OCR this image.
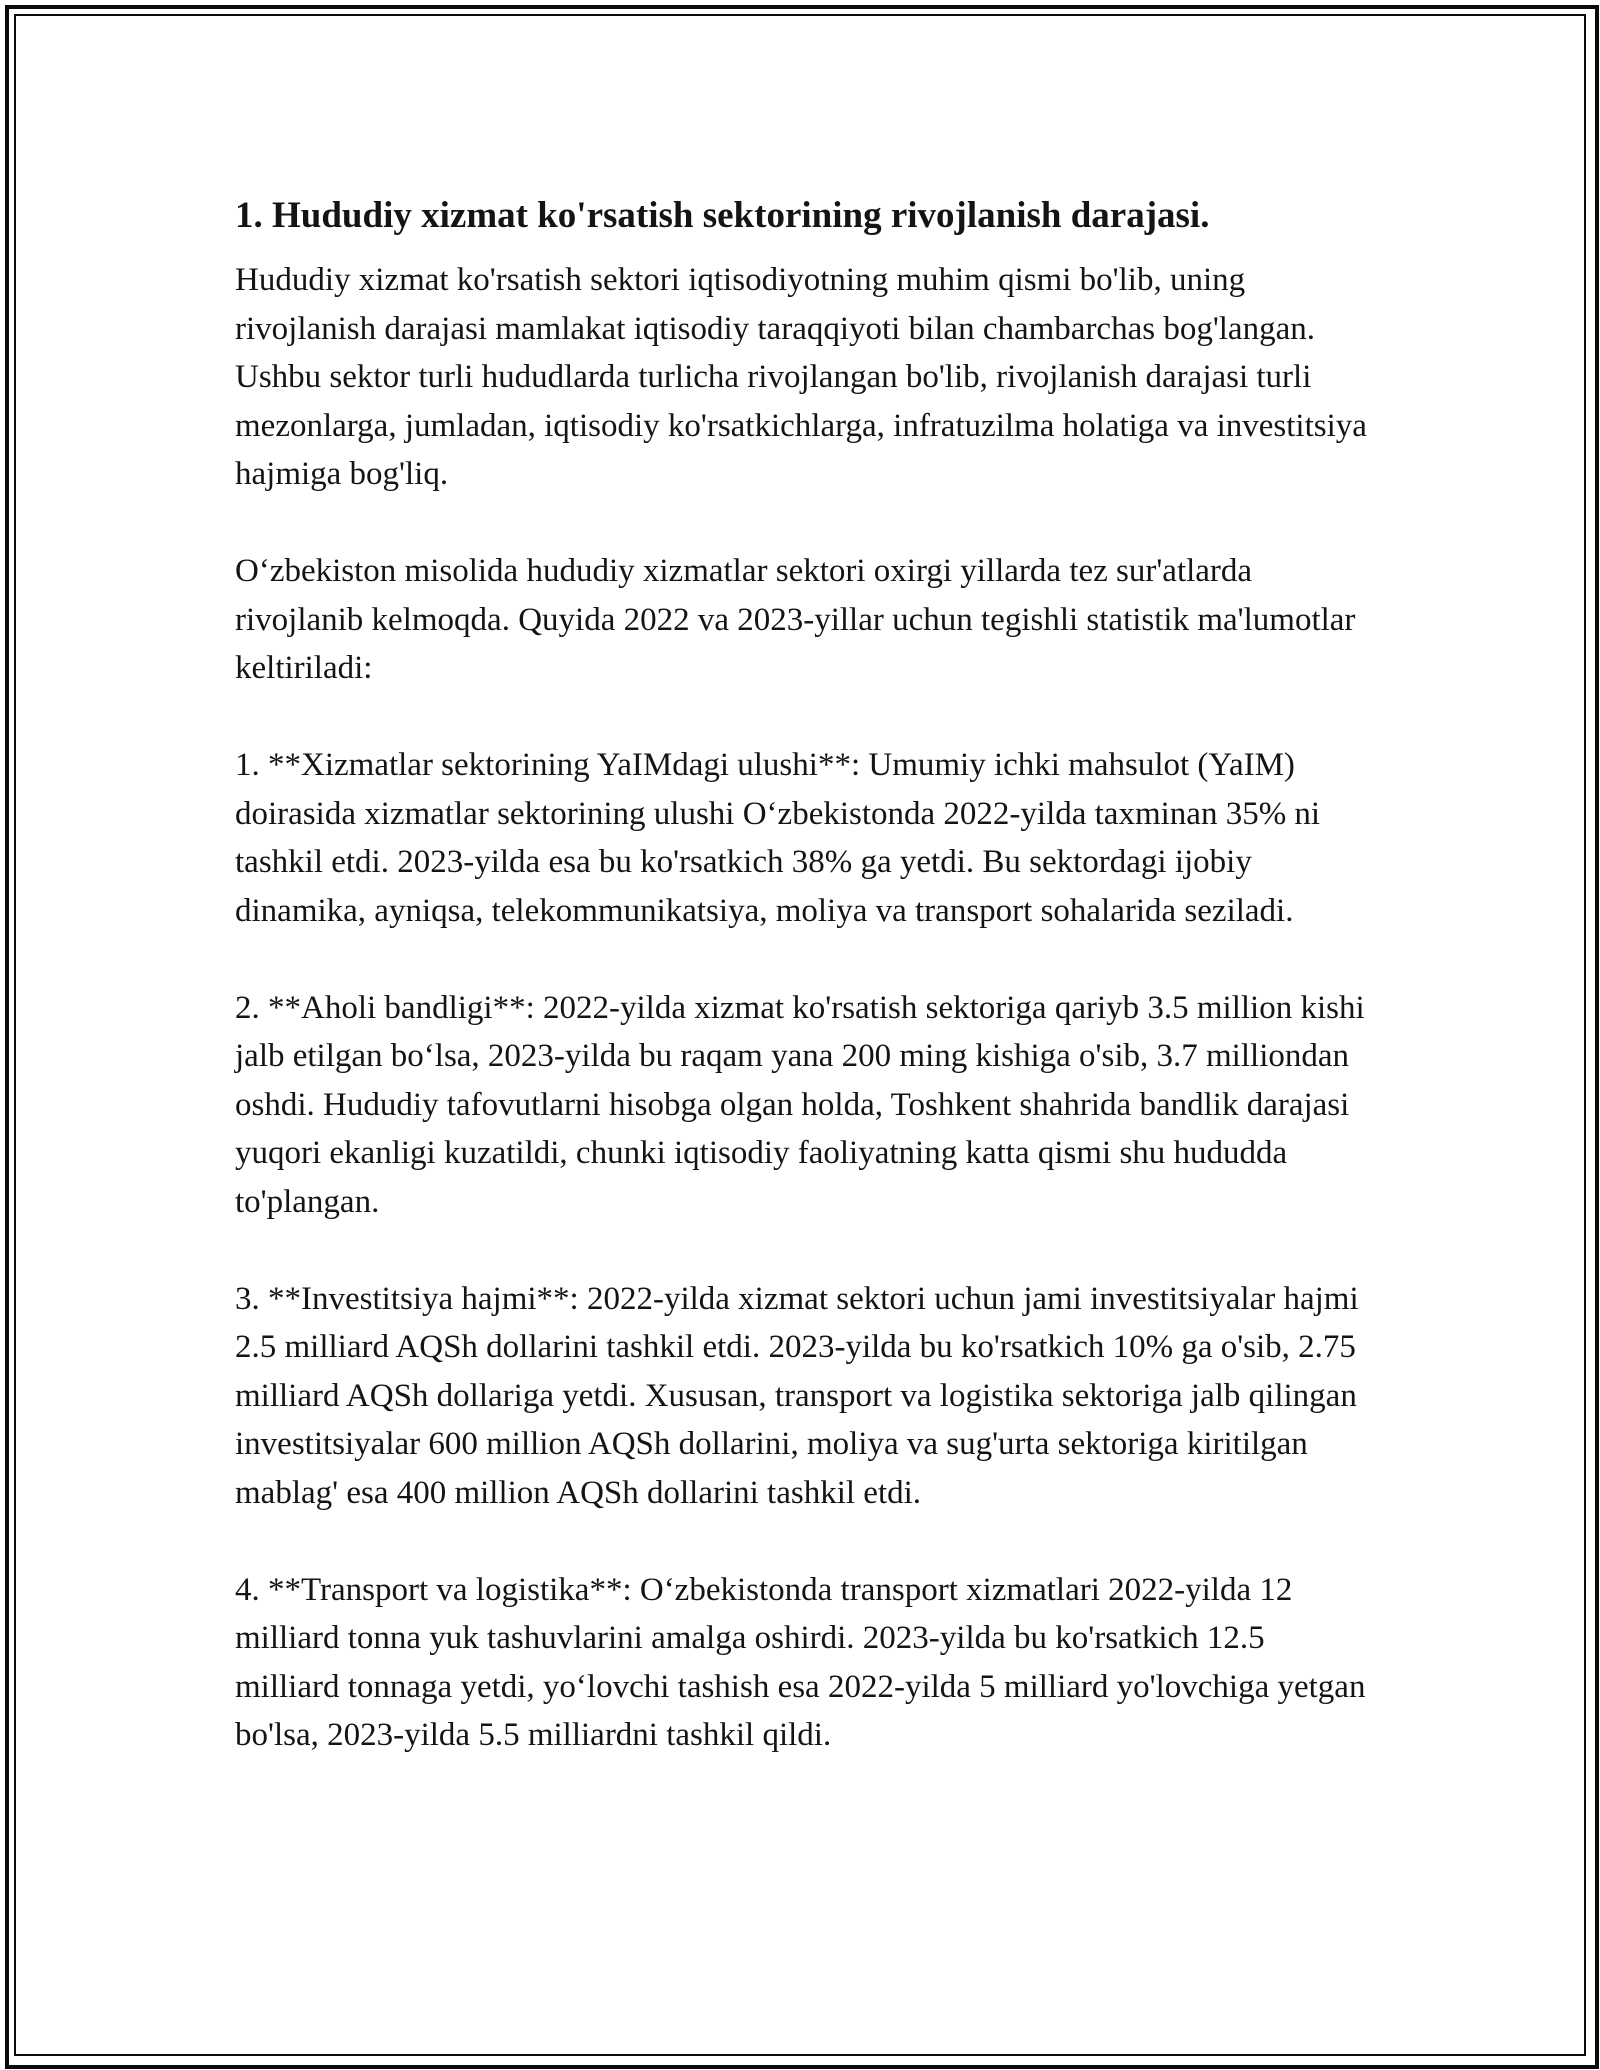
1. Hududiy xizmat ko'rsatish sektorining rivojlanish darajasi.

Hududiy xizmat ko'rsatish sektori iqtisodiyotning muhim qismi bo'lib, uning rivojlanish darajasi mamlakat iqtisodiy taraqqiyoti bilan chambarchas bog'langan. Ushbu sektor turli hududlarda turlicha rivojlangan bo'lib, rivojlanish darajasi turli mezonlarga, jumladan, iqtisodiy ko'rsatkichlarga, infratuzilma holatiga va investitsiya hajmiga bog'liq.

O‘zbekiston misolida hududiy xizmatlar sektori oxirgi yillarda tez sur'atlarda rivojlanib kelmoqda. Quyida 2022 va 2023-yillar uchun tegishli statistik ma'lumotlar keltiriladi:

1. **Xizmatlar sektorining YaIMdagi ulushi**: Umumiy ichki mahsulot (YaIM) doirasida xizmatlar sektorining ulushi O‘zbekistonda 2022-yilda taxminan 35% ni tashkil etdi. 2023-yilda esa bu ko'rsatkich 38% ga yetdi. Bu sektordagi ijobiy dinamika, ayniqsa, telekommunikatsiya, moliya va transport sohalarida seziladi.

2. **Aholi bandligi**: 2022-yilda xizmat ko'rsatish sektoriga qariyb 3.5 million kishi jalb etilgan bo‘lsa, 2023-yilda bu raqam yana 200 ming kishiga o'sib, 3.7 milliondan oshdi. Hududiy tafovutlarni hisobga olgan holda, Toshkent shahrida bandlik darajasi yuqori ekanligi kuzatildi, chunki iqtisodiy faoliyatning katta qismi shu hududda to'plangan.

3. **Investitsiya hajmi**: 2022-yilda xizmat sektori uchun jami investitsiyalar hajmi 2.5 milliard AQSh dollarini tashkil etdi. 2023-yilda bu ko'rsatkich 10% ga o'sib, 2.75 milliard AQSh dollariga yetdi. Xususan, transport va logistika sektoriga jalb qilingan investitsiyalar 600 million AQSh dollarini, moliya va sug'urta sektoriga kiritilgan mablag' esa 400 million AQSh dollarini tashkil etdi.

4. **Transport va logistika**: O‘zbekistonda transport xizmatlari 2022-yilda 12 milliard tonna yuk tashuvlarini amalga oshirdi. 2023-yilda bu ko'rsatkich 12.5 milliard tonnaga yetdi, yo‘lovchi tashish esa 2022-yilda 5 milliard yo'lovchiga yetgan bo'lsa, 2023-yilda 5.5 milliardni tashkil qildi.
